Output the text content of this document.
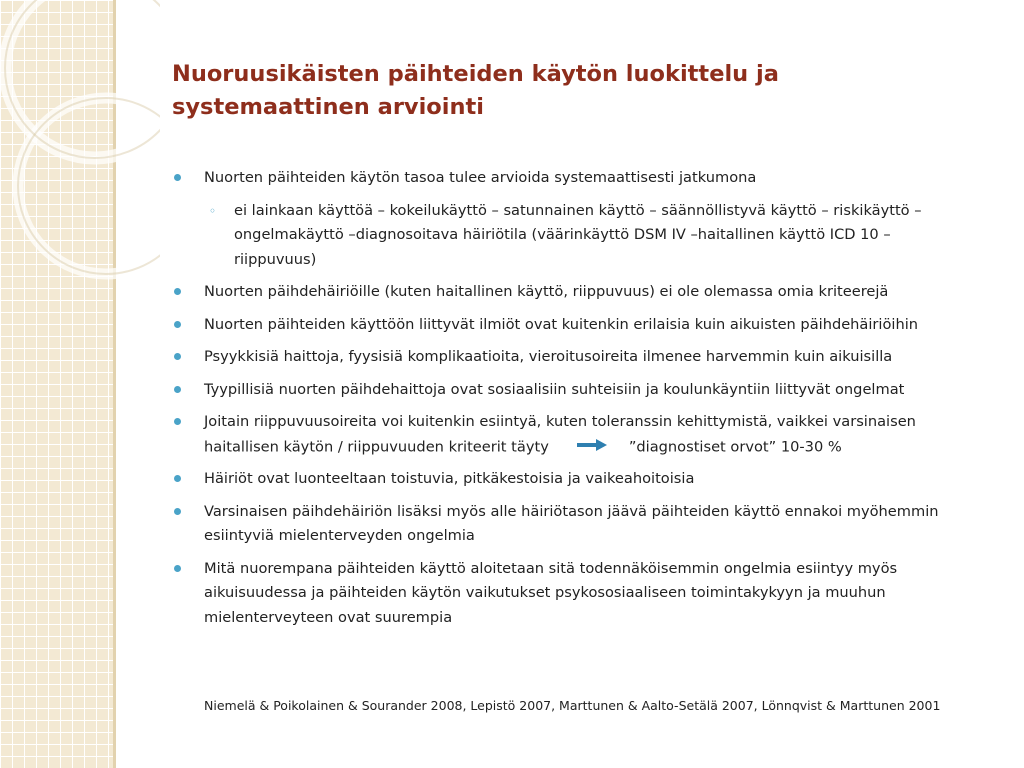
Nuoruusikäisten päihteiden käytön luokittelu ja systemaattinen arviointi
Nuorten päihteiden käytön tasoa tulee arvioida systemaattisesti jatkumona
◦ ei lainkaan käyttöä – kokeilukäyttö – satunnainen käyttö – säännöllistyvä käyttö – riskikäyttö – ongelmakäyttö –diagnosoitava häiriötila (väärinkäyttö DSM IV –haitallinen käyttö ICD 10 – riippuvuus)
Nuorten päihdehäiriöille (kuten haitallinen käyttö, riippuvuus) ei ole olemassa omia kriteerejä
Nuorten päihteiden käyttöön liittyvät ilmiöt ovat kuitenkin erilaisia kuin aikuisten päihdehäiriöihin
Psyykkisiä haittoja, fyysisiä komplikaatioita, vieroitusoireita ilmenee harvemmin kuin aikuisilla
Tyypillisiä nuorten päihdehaittoja ovat sosiaalisiin suhteisiin ja koulunkäyntiin liittyvät ongelmat
Joitain riippuvuusoireita voi kuitenkin esiintyä, kuten toleranssin kehittymistä, vaikkei varsinaisen haitallisen käytön / riippuvuuden kriteerit täyty	”diagnostiset orvot” 10-30 %
Häiriöt ovat luonteeltaan toistuvia, pitkäkestoisia ja vaikeahoitoisia
Varsinaisen päihdehäiriön lisäksi myös alle häiriötason jäävä päihteiden käyttö ennakoi myöhemmin esiintyviä mielenterveyden ongelmia
Mitä nuorempana päihteiden käyttö aloitetaan sitä todennäköisemmin ongelmia esiintyy myös aikuisuudessa ja päihteiden käytön vaikutukset psykososiaaliseen toimintakykyyn ja muuhun mielenterveyteen ovat suurempia
Niemelä & Poikolainen & Sourander 2008, Lepistö 2007, Marttunen & Aalto-Setälä 2007, Lönnqvist & Marttunen 2001
